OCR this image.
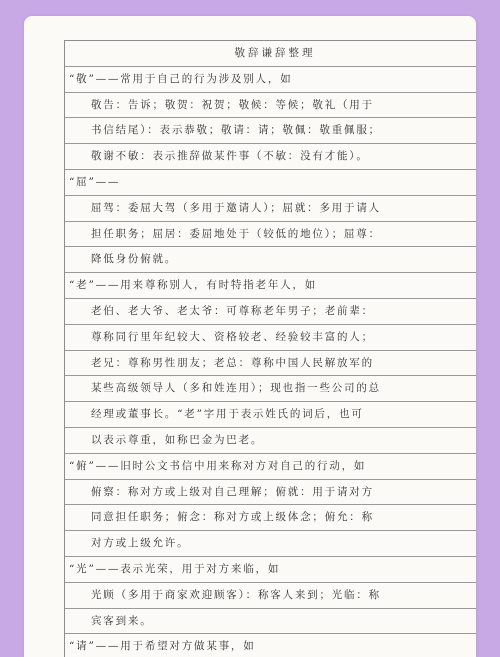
敬辞谦辞整理
“敬”——常用于自己的行为涉及别人，如
敬告：告诉；敬贺：祝贺；敬候：等候；敬礼（用于
书信结尾）：表示恭敬；敬请：请；敬佩：敬重佩服；
敬谢不敏：表示推辞做某件事（不敏：没有才能）。
“屈”——
屈驾：委屈大驾（多用于邀请人）；屈就：多用于请人
担任职务；屈居：委屈地处于（较低的地位）；屈尊：
降低身份俯就。
“老”——用来尊称别人，有时特指老年人，如
老伯、老大爷、老太爷：可尊称老年男子；老前辈：
尊称同行里年纪较大、资格较老、经验较丰富的人；
老兄：尊称男性朋友；老总：尊称中国人民解放军的
某些高级领导人（多和姓连用）；现也指一些公司的总
经理或董事长。“老”字用于表示姓氏的词后，也可
以表示尊重，如称巴金为巴老。
“俯”——旧时公文书信中用来称对方对自己的行动，如
俯察：称对方或上级对自己理解；俯就：用于请对方
同意担任职务；俯念：称对方或上级体念；俯允：称
对方或上级允许。
“光”——表示光荣，用于对方来临，如
光顾（多用于商家欢迎顾客）：称客人来到；光临：称
宾客到来。
“请”——用于希望对方做某事，如
